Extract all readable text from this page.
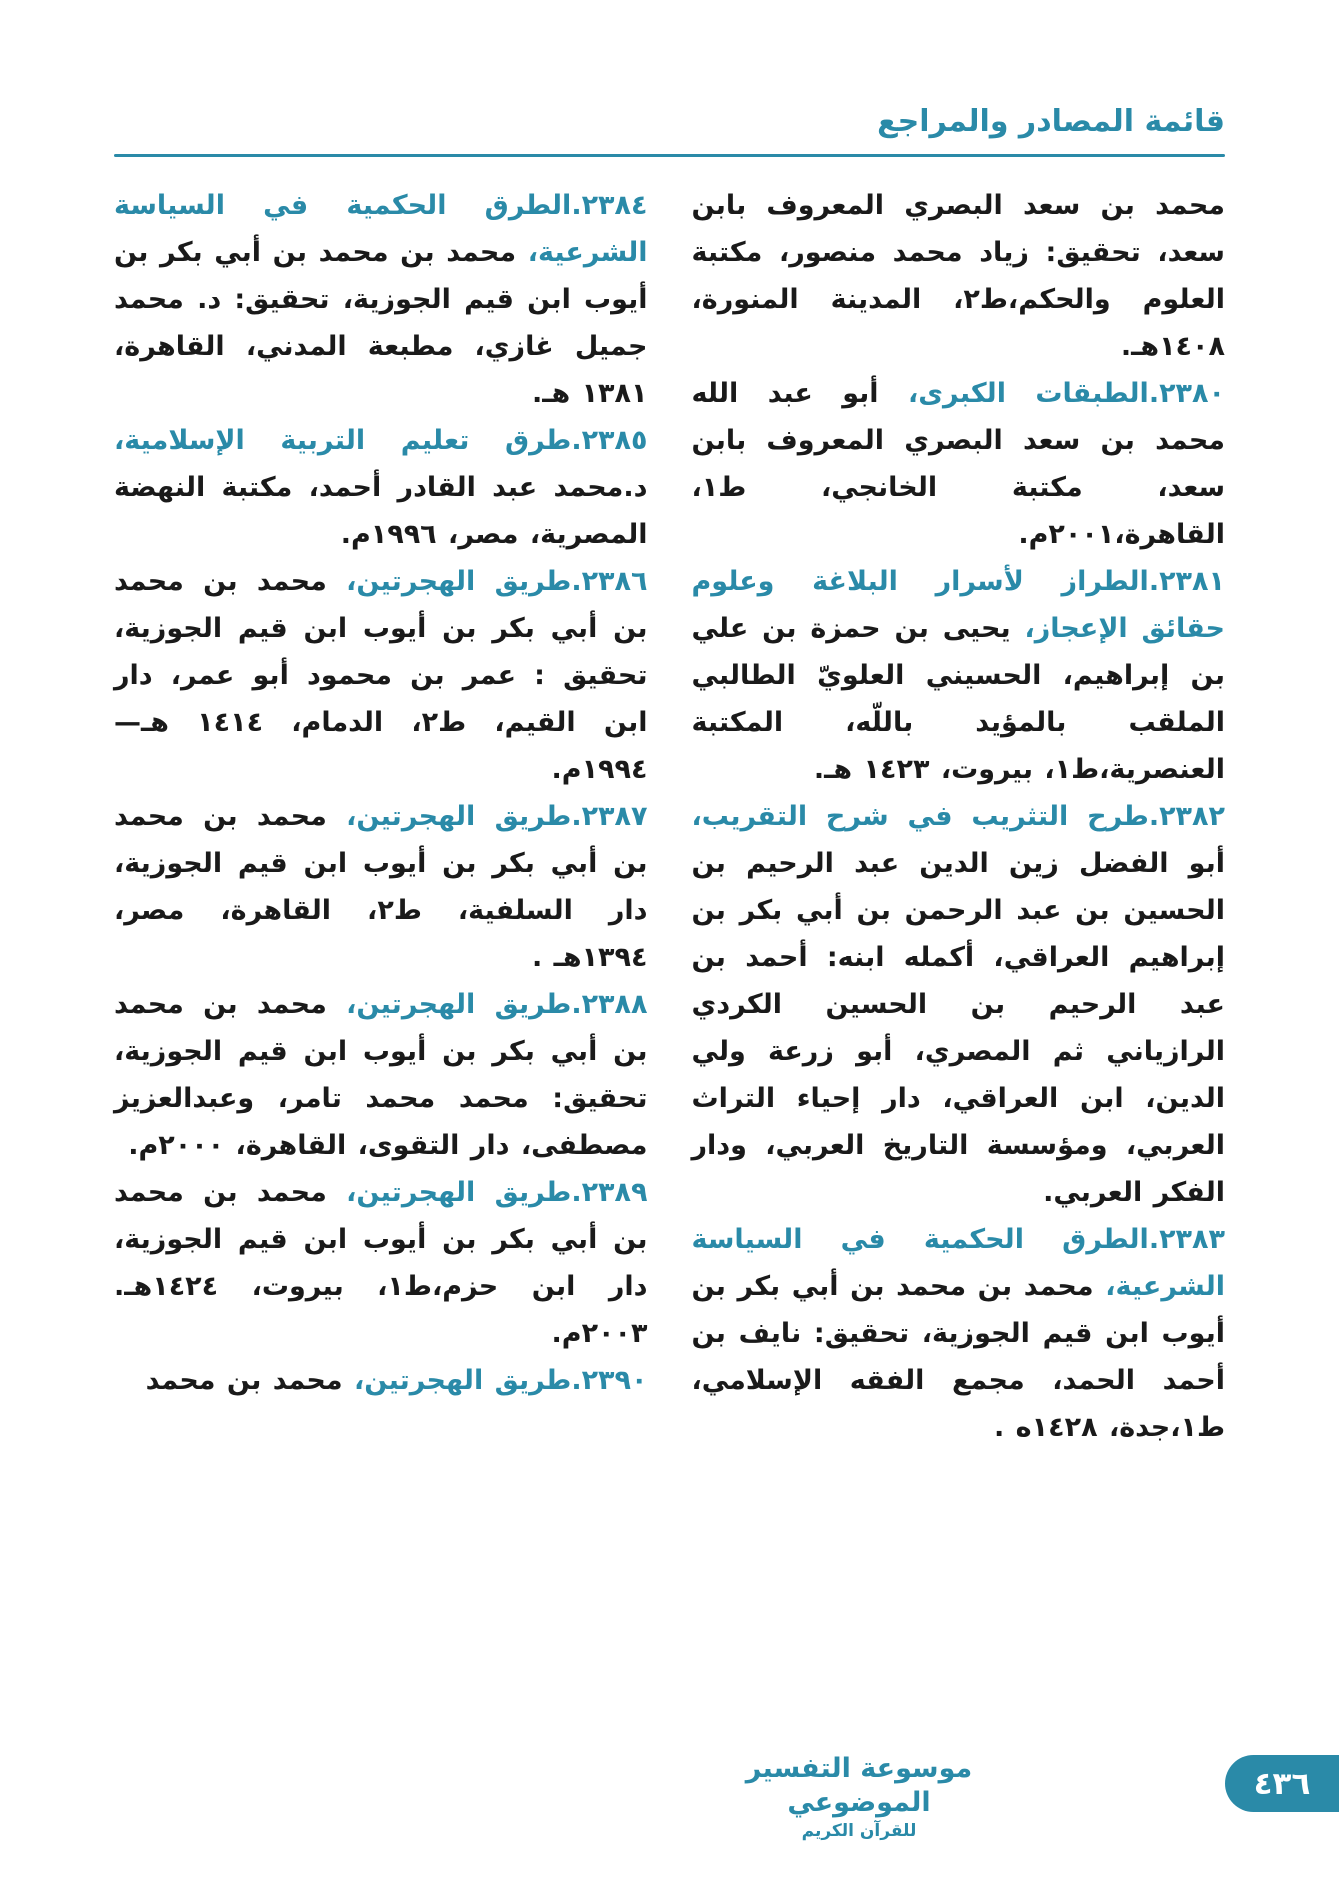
قائمة المصادر والمراجع

محمد بن سعد البصري المعروف بابن سعد، تحقيق: زياد محمد منصور، مكتبة العلوم والحكم،ط٢، المدينة المنورة، ١٤٠٨هـ.

٢٣٨٠.الطبقات الكبرى، أبو عبد الله محمد بن سعد البصري المعروف بابن سعد، مكتبة الخانجي، ط١، القاهرة،٢٠٠١م.

٢٣٨١.الطراز لأسرار البلاغة وعلوم حقائق الإعجاز، يحيى بن حمزة بن علي بن إبراهيم، الحسيني العلويّ الطالبي الملقب بالمؤيد باللّه، المكتبة العنصرية،ط١، بيروت، ١٤٢٣ هـ.

٢٣٨٢.طرح التثريب في شرح التقريب، أبو الفضل زين الدين عبد الرحيم بن الحسين بن عبد الرحمن بن أبي بكر بن إبراهيم العراقي، أكمله ابنه: أحمد بن عبد الرحيم بن الحسين الكردي الرازياني ثم المصري، أبو زرعة ولي الدين، ابن العراقي، دار إحياء التراث العربي، ومؤسسة التاريخ العربي، ودار الفكر العربي.

٢٣٨٣.الطرق الحكمية في السياسة الشرعية، محمد بن محمد بن أبي بكر بن أيوب ابن قيم الجوزية، تحقيق: نايف بن أحمد الحمد، مجمع الفقه الإسلامي، ط١،جدة، ١٤٢٨ه .

٢٣٨٤.الطرق الحكمية في السياسة الشرعية، محمد بن محمد بن أبي بكر بن أيوب ابن قيم الجوزية، تحقيق: د. محمد جميل غازي، مطبعة المدني، القاهرة، ١٣٨١ هـ.

٢٣٨٥.طرق تعليم التربية الإسلامية، د.محمد عبد القادر أحمد، مكتبة النهضة المصرية، مصر، ١٩٩٦م.

٢٣٨٦.طريق الهجرتين، محمد بن محمد بن أبي بكر بن أيوب ابن قيم الجوزية، تحقيق : عمر بن محمود أبو عمر، دار ابن القيم، ط٢، الدمام، ١٤١٤ هـ— ١٩٩٤م.

٢٣٨٧.طريق الهجرتين، محمد بن محمد بن أبي بكر بن أيوب ابن قيم الجوزية، دار السلفية، ط٢، القاهرة، مصر، ١٣٩٤هـ .

٢٣٨٨.طريق الهجرتين، محمد بن محمد بن أبي بكر بن أيوب ابن قيم الجوزية، تحقيق: محمد محمد تامر، وعبدالعزيز مصطفى، دار التقوى، القاهرة، ٢٠٠٠م.

٢٣٨٩.طريق الهجرتين، محمد بن محمد بن أبي بكر بن أيوب ابن قيم الجوزية، دار ابن حزم،ط١، بيروت، ١٤٢٤هـ. ٢٠٠٣م.

٢٣٩٠.طريق الهجرتين، محمد بن محمد

موسوعة التفسير الموضوعي
للقرآن الكريم
٤٣٦
